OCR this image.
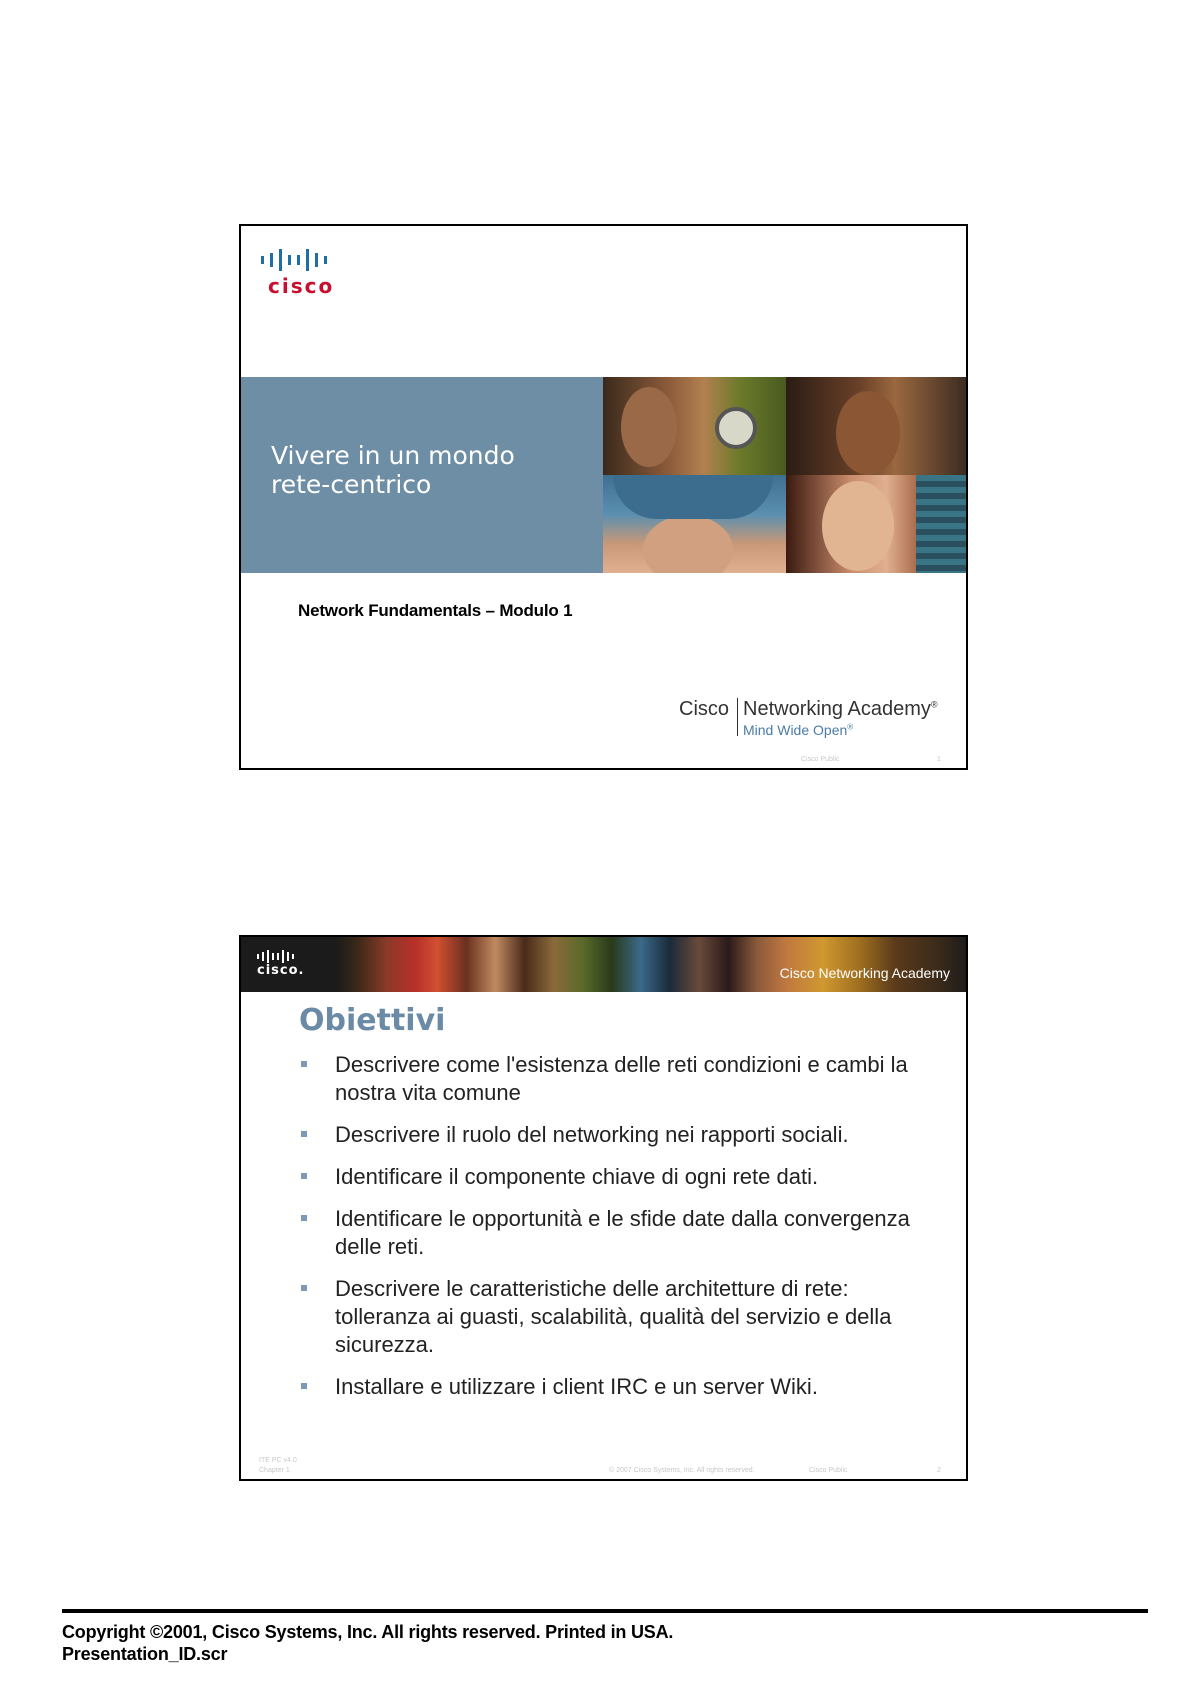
cisco
Vivere in un mondo
rete-centrico
Network Fundamentals – Modulo 1
Cisco Networking Academy®
Mind Wide Open®
Cisco Public	1
cisco.	Cisco Networking Academy
Obiettivi
Descrivere come l'esistenza delle reti condizioni e cambi la nostra vita comune
Descrivere il ruolo del networking nei rapporti sociali.
Identificare il componente chiave di ogni rete dati.
Identificare le opportunità e le sfide date dalla convergenza delle reti.
Descrivere le caratteristiche delle architetture di rete: tolleranza ai guasti, scalabilità, qualità del servizio e della sicurezza.
Installare e utilizzare i client IRC e un server Wiki.
ITE PC v4.0
Chapter 1	© 2007 Cisco Systems, Inc. All rights reserved.	Cisco Public	2
Copyright ©2001, Cisco Systems, Inc. All rights reserved. Printed in USA.
Presentation_ID.scr
